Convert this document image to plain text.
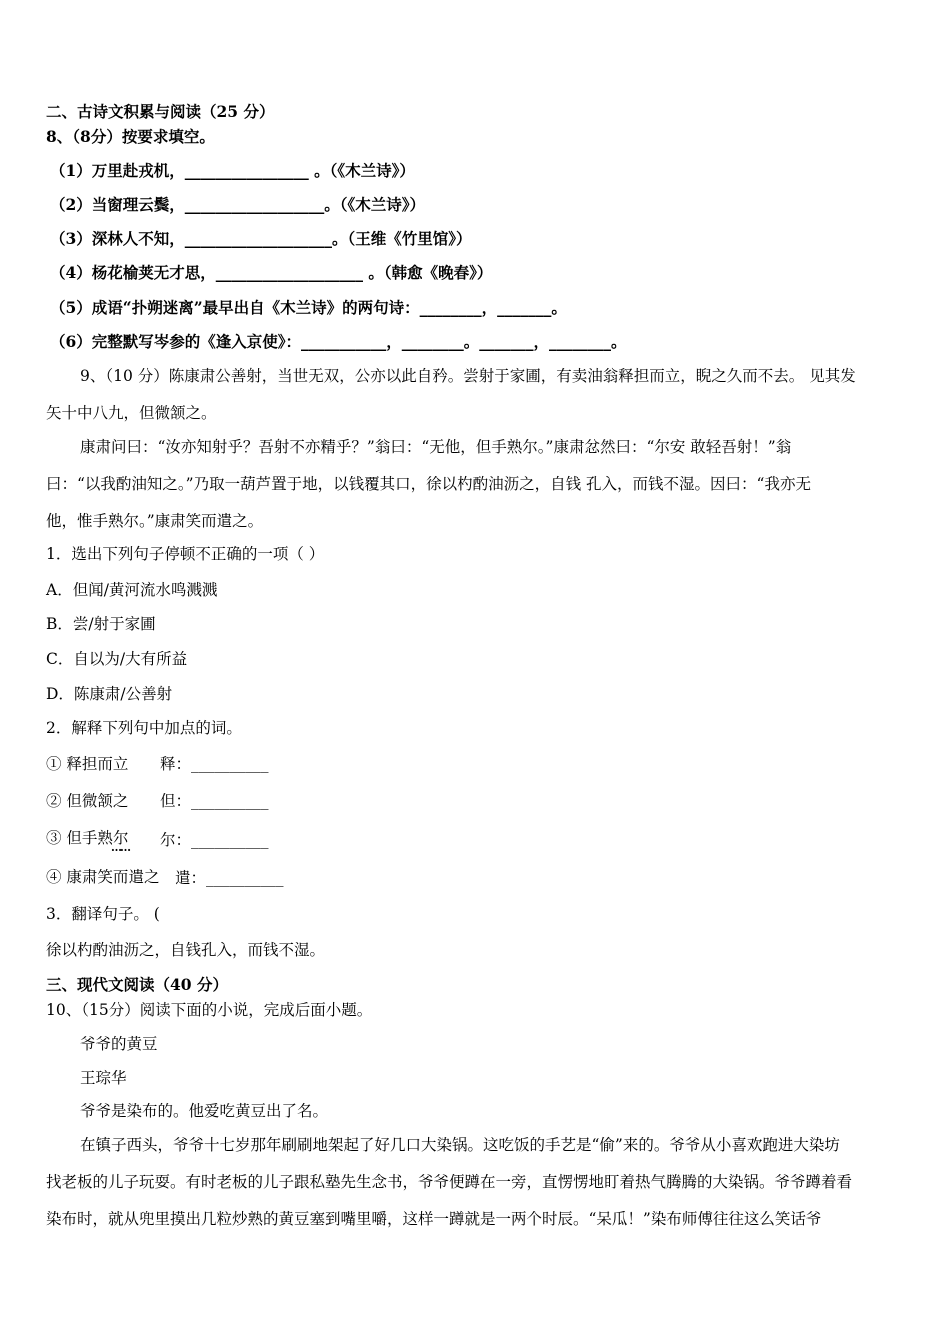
二、古诗文积累与阅读（25 分）
8、（8分）按要求填空。
（1）万里赴戎机，________________ 。（《木兰诗》）
（2）当窗理云鬓，__________________。（《木兰诗》）
（3）深林人不知，___________________。（王维《竹里馆》）
（4）杨花榆荚无才思，___________________ 。（韩愈《晚春》）
（5）成语“扑朔迷离”最早出自《木兰诗》的两句诗：________，_______。
（6）完整默写岑参的《逢入京使》：___________，________。_______，________。
9、（10 分）陈康肃公善射，当世无双，公亦以此自矜。尝射于家圃，有卖油翁释担而立，睨之久而不去。 见其发
矢十中八九，但微颔之。
康肃问曰：“汝亦知射乎？吾射不亦精乎？”翁曰：“无他，但手熟尔。”康肃忿然曰：“尔安 敢轻吾射！”翁
曰：“以我酌油知之。”乃取一葫芦置于地，以钱覆其口，徐以杓酌油沥之，自钱 孔入，而钱不湿。因曰：“我亦无
他，惟手熟尔。”康肃笑而遣之。
1．选出下列句子停顿不正确的一项（ ）
A．但闻/黄河流水鸣溅溅
B．尝/射于家圃
C．自以为/大有所益
D．陈康肃/公善射
2．解释下列句中加点的词。
① 释担而立 释：__________
② 但微颔之 但：__________
③ 但手熟尔 …… 尔：__________
④ 康肃笑而遣之 遣：__________
3．翻译句子。 (
徐以杓酌油沥之，自钱孔入，而钱不湿。
三、现代文阅读（40 分）
10、（15分）阅读下面的小说，完成后面小题。
爷爷的黄豆
王琮华
爷爷是染布的。他爱吃黄豆出了名。
在镇子西头，爷爷十七岁那年刷刷地架起了好几口大染锅。这吃饭的手艺是“偷”来的。爷爷从小喜欢跑进大染坊
找老板的儿子玩耍。有时老板的儿子跟私塾先生念书，爷爷便蹲在一旁，直愣愣地盯着热气腾腾的大染锅。爷爷蹲着看
染布时，就从兜里摸出几粒炒熟的黄豆塞到嘴里嚼，这样一蹲就是一两个时辰。“呆瓜！”染布师傅往往这么笑话爷
